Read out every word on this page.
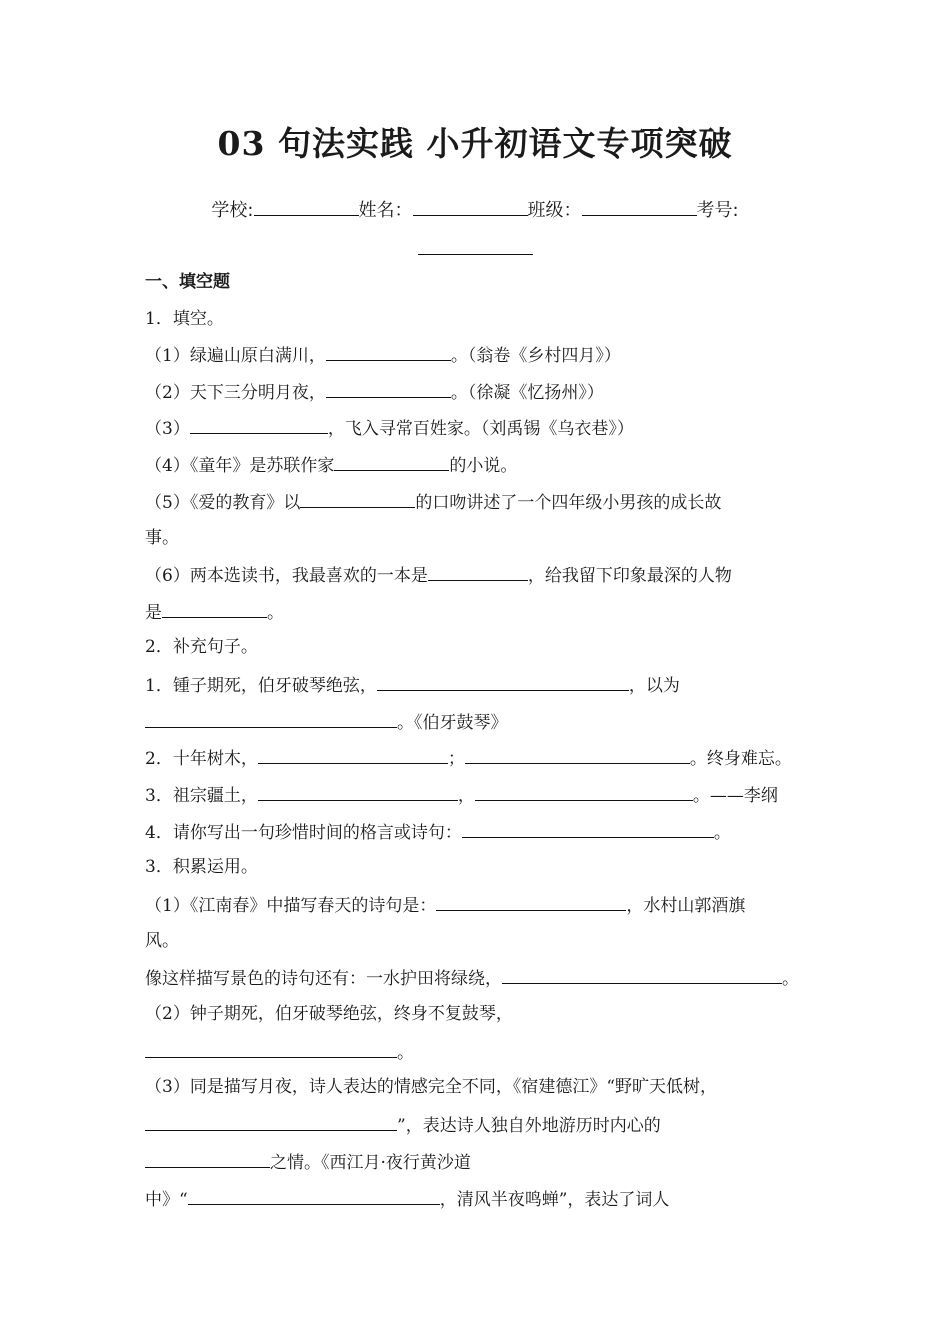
03 句法实践 小升初语文专项突破
学校:	姓名：	班级：	考号:
一、填空题
1．填空。
（1）绿遍山原白满川，	。（翁卷《乡村四月》）
（2）天下三分明月夜，	。（徐凝《忆扬州》）
（3）	，飞入寻常百姓家。（刘禹锡《乌衣巷》）
（4）《童年》是苏联作家	的小说。
（5）《爱的教育》以	的口吻讲述了一个四年级小男孩的成长故
事。
（6）两本选读书，我最喜欢的一本是	，给我留下印象最深的人物
是	。
2．补充句子。
1．锺子期死，伯牙破琴绝弦，	，以为
。《伯牙鼓琴》
2．十年树木，	；	。终身难忘。
3．祖宗疆土，	，	。——李纲
4．请你写出一句珍惜时间的格言或诗句：	。
3．积累运用。
（1）《江南春》中描写春天的诗句是：	，水村山郭酒旗
风。
像这样描写景色的诗句还有：一水护田将绿绕，	。
（2）钟子期死，伯牙破琴绝弦，终身不复鼓琴，
。
（3）同是描写月夜，诗人表达的情感完全不同，《宿建德江》“野旷天低树，
”，表达诗人独自外地游历时内心的
之情。《西江月·夜行黄沙道
中》“	，清风半夜鸣蝉”，表达了词人
